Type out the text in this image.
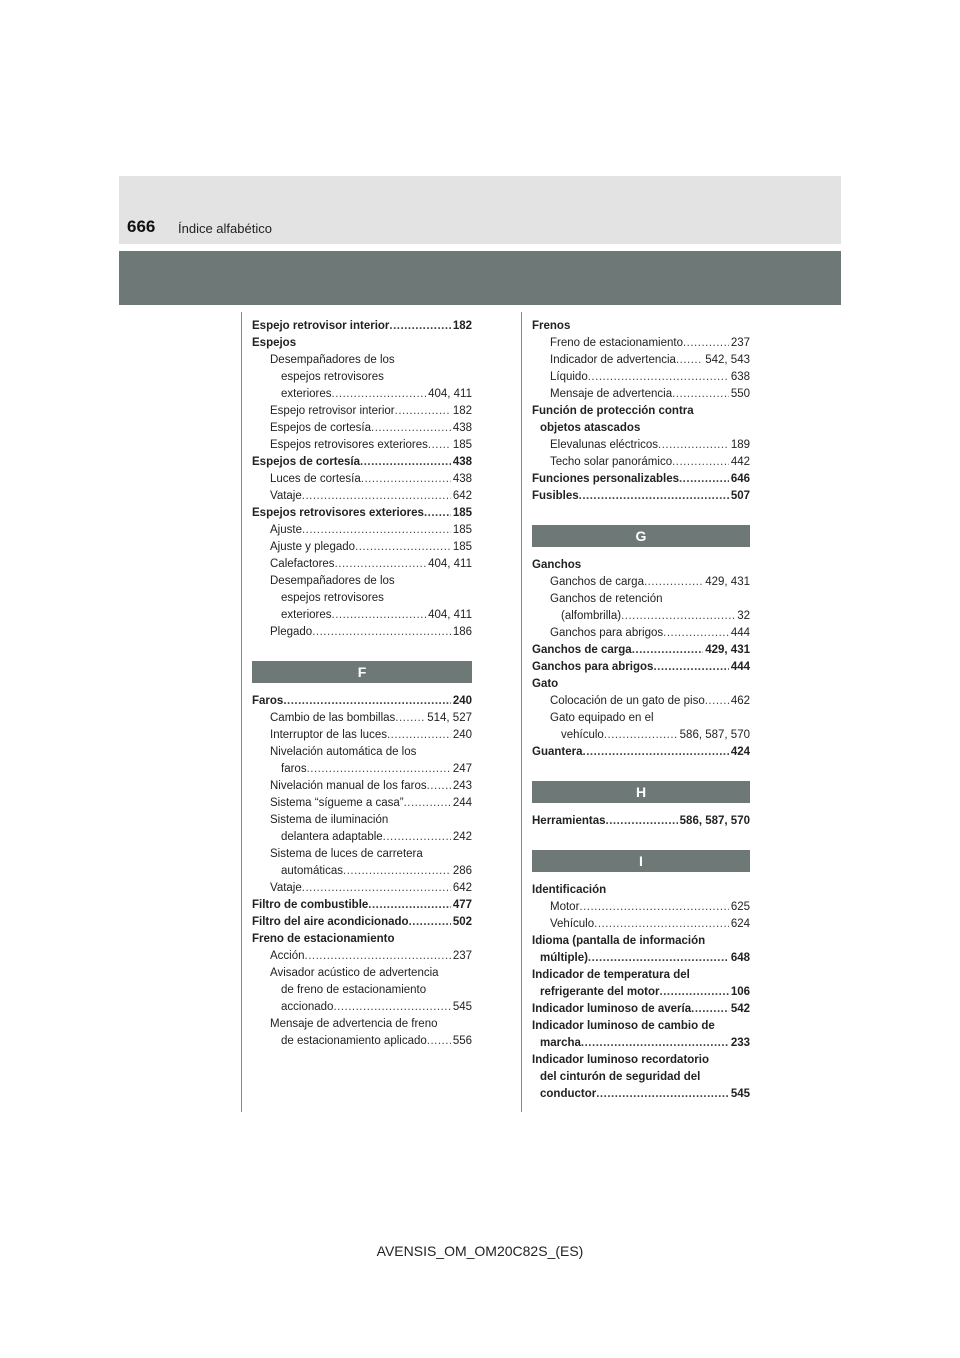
666 Índice alfabético
Espejo retrovisor interior .....	182
Espejos
Desempañadores de los
espejos retrovisores
exteriores .....	404, 411
Espejo retrovisor interior .....	182
Espejos de cortesía .....	438
Espejos retrovisores exteriores ..... 185
Espejos de cortesía .....	438
Luces de cortesía .....	438
Vataje .....	642
Espejos retrovisores exteriores .....	185
Ajuste .....	185
Ajuste y plegado .....	185
Calefactores .....	404, 411
Desempañadores de los
espejos retrovisores
exteriores .....	404, 411
Plegado .....	186
F
Faros .....	240
Cambio de las bombillas .....	514, 527
Interruptor de las luces .....	240
Nivelación automática de los
faros .....	247
Nivelación manual de los faros ..... 243
Sistema “sígueme a casa” .....	244
Sistema de iluminación
delantera adaptable .....	242
Sistema de luces de carretera
automáticas .....	286
Vataje .....	642
Filtro de combustible .....	477
Filtro del aire acondicionado .....	502
Freno de estacionamiento
Acción .....	237
Avisador acústico de advertencia
de freno de estacionamiento
accionado .....	545
Mensaje de advertencia de freno
de estacionamiento aplicado ..... 556
Frenos
Freno de estacionamiento .....	237
Indicador de advertencia .....	542, 543
Líquido .....	638
Mensaje de advertencia .....	550
Función de protección contra
objetos atascados
Elevalunas eléctricos .....	189
Techo solar panorámico .....	442
Funciones personalizables .....	646
Fusibles .....	507
G
Ganchos
Ganchos de carga .....	429, 431
Ganchos de retención
(alfombrilla) .....	32
Ganchos para abrigos .....	444
Ganchos de carga .....	429, 431
Ganchos para abrigos .....	444
Gato
Colocación de un gato de piso ..... 462
Gato equipado en el
vehículo .....	586, 587, 570
Guantera .....	424
H
Herramientas .....	586, 587, 570
I
Identificación
Motor .....	625
Vehículo .....	624
Idioma (pantalla de información
múltiple) .....	648
Indicador de temperatura del
refrigerante del motor .....	106
Indicador luminoso de avería .....	542
Indicador luminoso de cambio de
marcha .....	233
Indicador luminoso recordatorio
del cinturón de seguridad del
conductor .....	545
AVENSIS_OM_OM20C82S_(ES)
